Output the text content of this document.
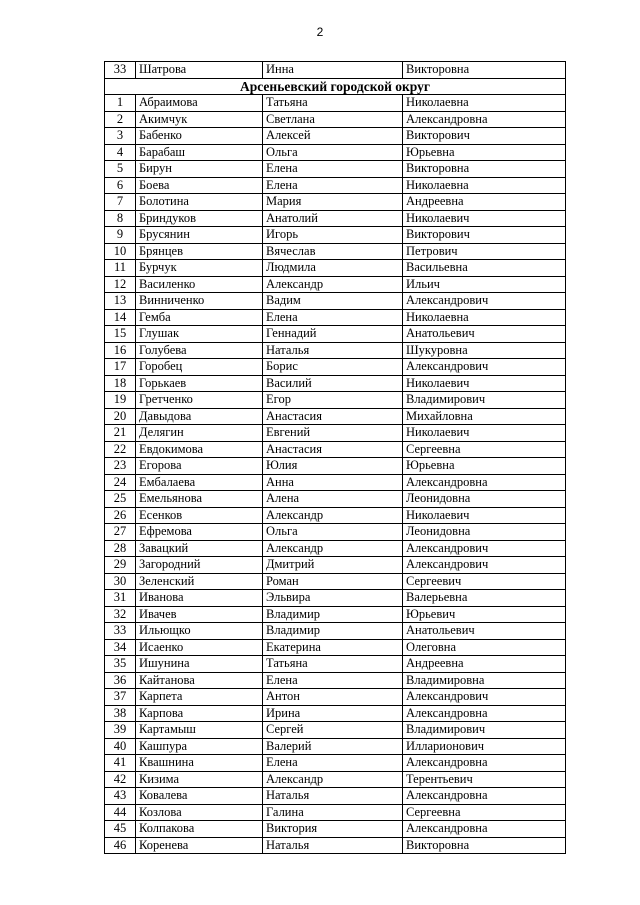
2
33	Шатрова	Инна	Викторовна
Арсеньевский городской округ			
1	Абраимова	Татьяна	Николаевна
2	Акимчук	Светлана	Александровна
3	Бабенко	Алексей	Викторович
4	Барабаш	Ольга	Юрьевна
5	Бирун	Елена	Викторовна
6	Боева	Елена	Николаевна
7	Болотина	Мария	Андреевна
8	Бриндуков	Анатолий	Николаевич
9	Брусянин	Игорь	Викторович
10	Брянцев	Вячеслав	Петрович
11	Бурчук	Людмила	Васильевна
12	Василенко	Александр	Ильич
13	Винниченко	Вадим	Александрович
14	Гемба	Елена	Николаевна
15	Глушак	Геннадий	Анатольевич
16	Голубева	Наталья	Шукуровна
17	Горобец	Борис	Александрович
18	Горькаев	Василий	Николаевич
19	Гретченко	Егор	Владимирович
20	Давыдова	Анастасия	Михайловна
21	Делягин	Евгений	Николаевич
22	Евдокимова	Анастасия	Сергеевна
23	Егорова	Юлия	Юрьевна
24	Ембалаева	Анна	Александровна
25	Емельянова	Алена	Леонидовна
26	Есенков	Александр	Николаевич
27	Ефремова	Ольга	Леонидовна
28	Завацкий	Александр	Александрович
29	Загородний	Дмитрий	Александрович
30	Зеленский	Роман	Сергеевич
31	Иванова	Эльвира	Валерьевна
32	Ивачев	Владимир	Юрьевич
33	Ильющко	Владимир	Анатольевич
34	Исаенко	Екатерина	Олеговна
35	Ишунина	Татьяна	Андреевна
36	Кайтанова	Елена	Владимировна
37	Карпета	Антон	Александрович
38	Карпова	Ирина	Александровна
39	Картамыш	Сергей	Владимирович
40	Кашпура	Валерий	Илларионович
41	Квашнина	Елена	Александровна
42	Кизима	Александр	Терентьевич
43	Ковалева	Наталья	Александровна
44	Козлова	Галина	Сергеевна
45	Колпакова	Виктория	Александровна
46	Коренева	Наталья	Викторовна
